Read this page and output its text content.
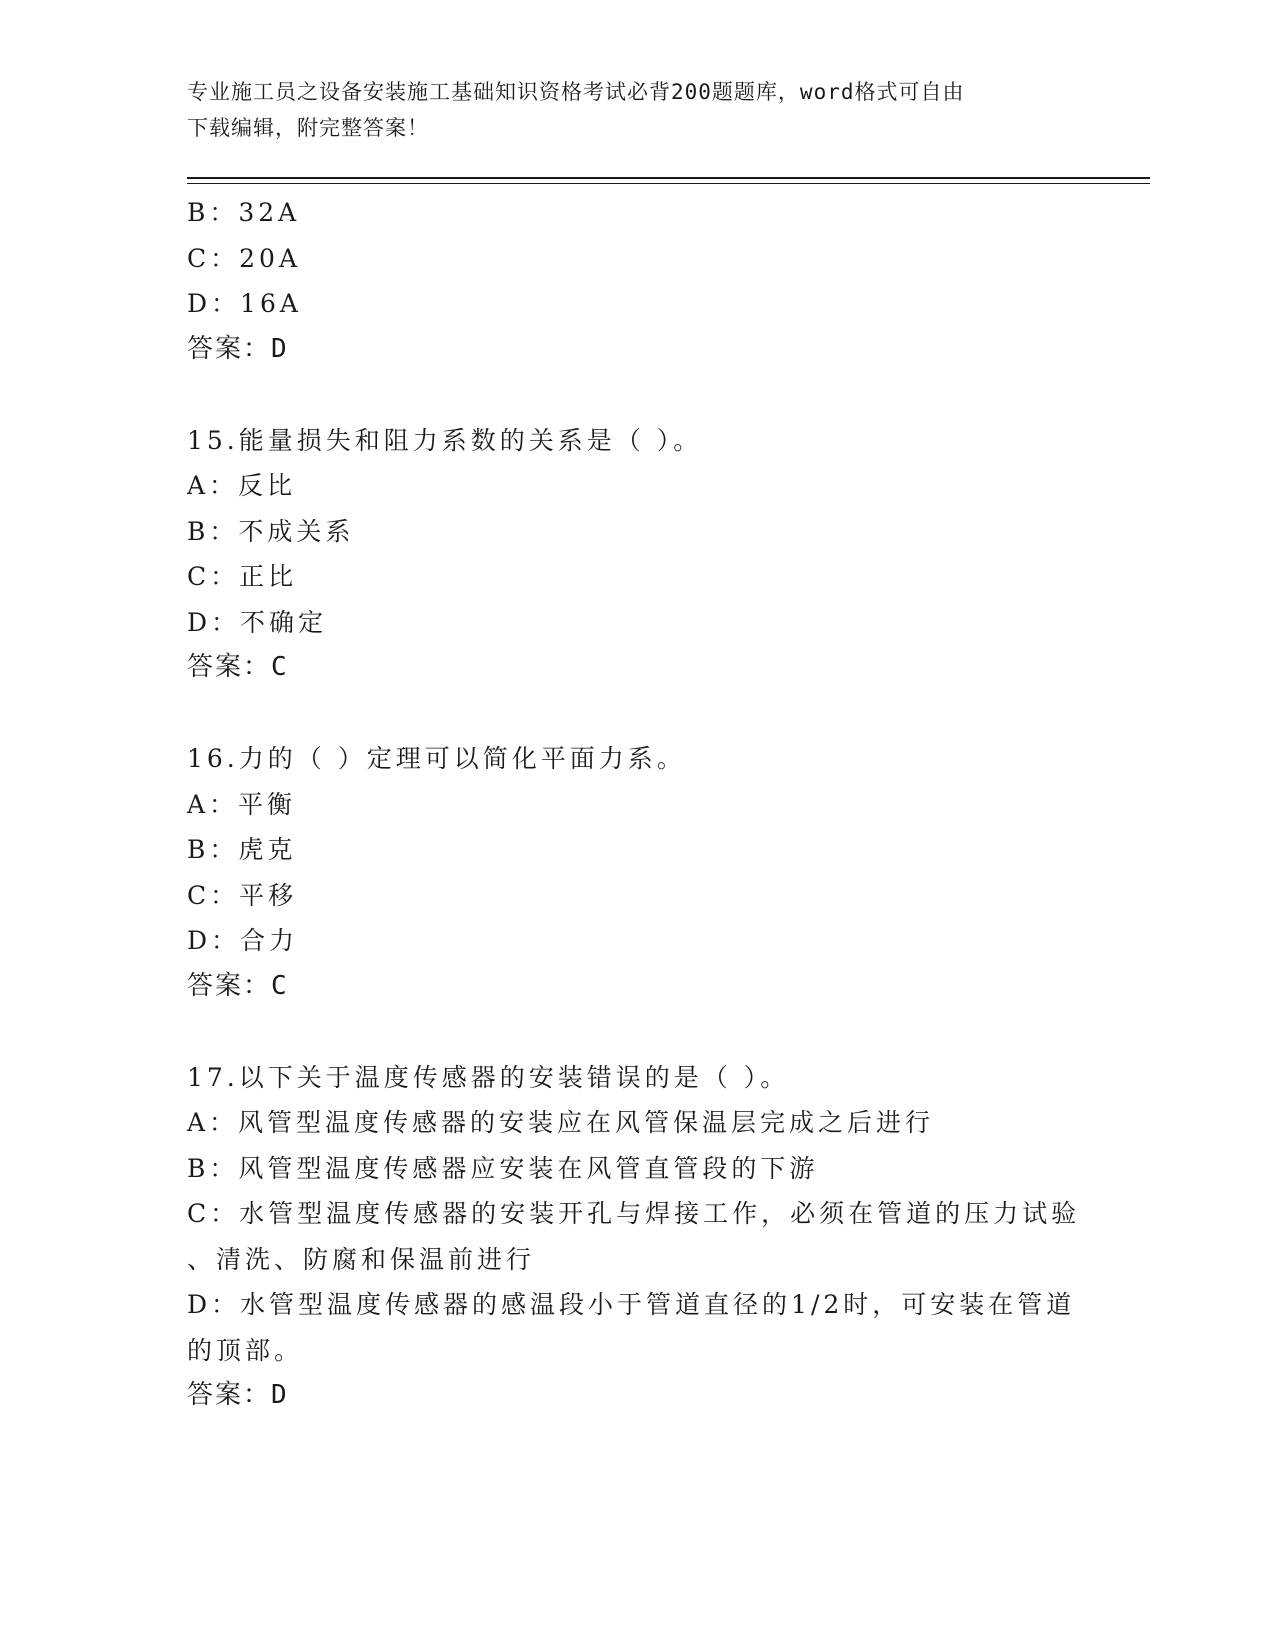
专业施工员之设备安装施工基础知识资格考试必背200题题库，word格式可自由
下载编辑，附完整答案！
B：32A
C：20A
D：16A
答案：D
15.能量损失和阻力系数的关系是（ ）。
A：反比
B：不成关系
C：正比
D：不确定
答案：C
16.力的（ ）定理可以简化平面力系。
A：平衡
B：虎克
C：平移
D：合力
答案：C
17.以下关于温度传感器的安装错误的是（ ）。
A：风管型温度传感器的安装应在风管保温层完成之后进行
B：风管型温度传感器应安装在风管直管段的下游
C：水管型温度传感器的安装开孔与焊接工作，必须在管道的压力试验
、清洗、防腐和保温前进行
D：水管型温度传感器的感温段小于管道直径的1/2时，可安装在管道
的顶部。
答案：D
